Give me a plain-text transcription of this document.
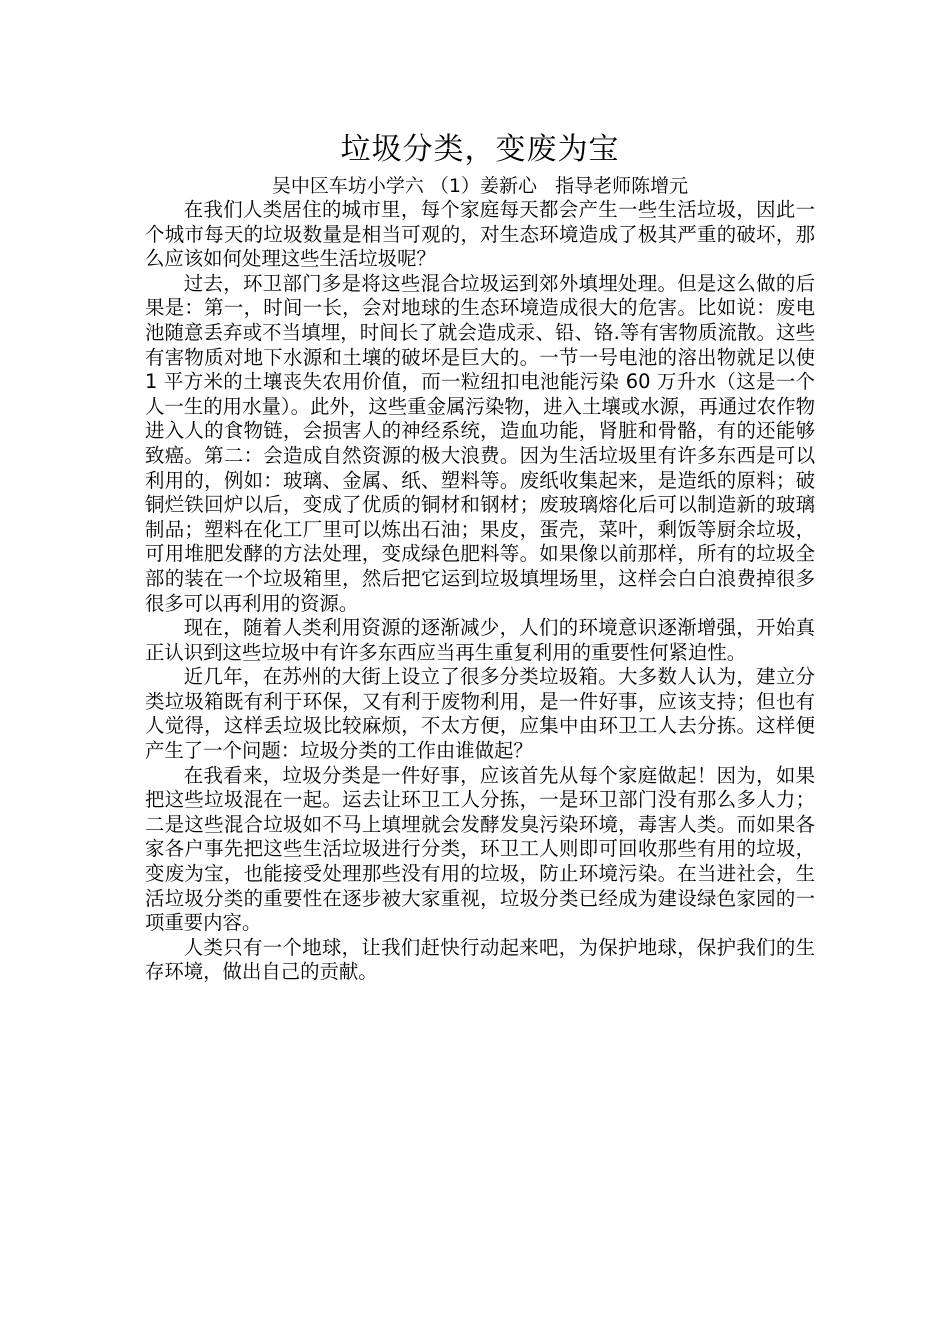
垃圾分类，变废为宝
吴中区车坊小学六 （1）姜新心   指导老师陈增元

在我们人类居住的城市里，每个家庭每天都会产生一些生活垃圾，因此一个城市每天的垃圾数量是相当可观的，对生态环境造成了极其严重的破坏，那么应该如何处理这些生活垃圾呢？

过去，环卫部门多是将这些混合垃圾运到郊外填埋处理。但是这么做的后果是：第一，时间一长，会对地球的生态环境造成很大的危害。比如说：废电池随意丢弃或不当填埋，时间长了就会造成汞、铅、铬.等有害物质流散。这些有害物质对地下水源和土壤的破坏是巨大的。一节一号电池的溶出物就足以使 1 平方米的土壤丧失农用价值，而一粒纽扣电池能污染 60 万升水（这是一个人一生的用水量）。此外，这些重金属污染物，进入土壤或水源，再通过农作物进入人的食物链，会损害人的神经系统，造血功能，肾脏和骨骼，有的还能够致癌。第二：会造成自然资源的极大浪费。因为生活垃圾里有许多东西是可以利用的，例如：玻璃、金属、纸、塑料等。废纸收集起来，是造纸的原料；破铜烂铁回炉以后，变成了优质的铜材和钢材；废玻璃熔化后可以制造新的玻璃制品；塑料在化工厂里可以炼出石油；果皮，蛋壳，菜叶，剩饭等厨余垃圾，可用堆肥发酵的方法处理，变成绿色肥料等。如果像以前那样，所有的垃圾全部的装在一个垃圾箱里，然后把它运到垃圾填埋场里，这样会白白浪费掉很多很多可以再利用的资源。

现在，随着人类利用资源的逐渐减少，人们的环境意识逐渐增强，开始真正认识到这些垃圾中有许多东西应当再生重复利用的重要性何紧迫性。

近几年，在苏州的大街上设立了很多分类垃圾箱。大多数人认为，建立分类垃圾箱既有利于环保，又有利于废物利用，是一件好事，应该支持；但也有人觉得，这样丢垃圾比较麻烦，不太方便，应集中由环卫工人去分拣。这样便产生了一个问题：垃圾分类的工作由谁做起？

在我看来，垃圾分类是一件好事，应该首先从每个家庭做起！因为，如果把这些垃圾混在一起。运去让环卫工人分拣，一是环卫部门没有那么多人力；二是这些混合垃圾如不马上填埋就会发酵发臭污染环境，毒害人类。而如果各家各户事先把这些生活垃圾进行分类，环卫工人则即可回收那些有用的垃圾，变废为宝，也能接受处理那些没有用的垃圾，防止环境污染。在当进社会，生活垃圾分类的重要性在逐步被大家重视，垃圾分类已经成为建设绿色家园的一项重要内容。

人类只有一个地球，让我们赶快行动起来吧，为保护地球，保护我们的生存环境，做出自己的贡献。
